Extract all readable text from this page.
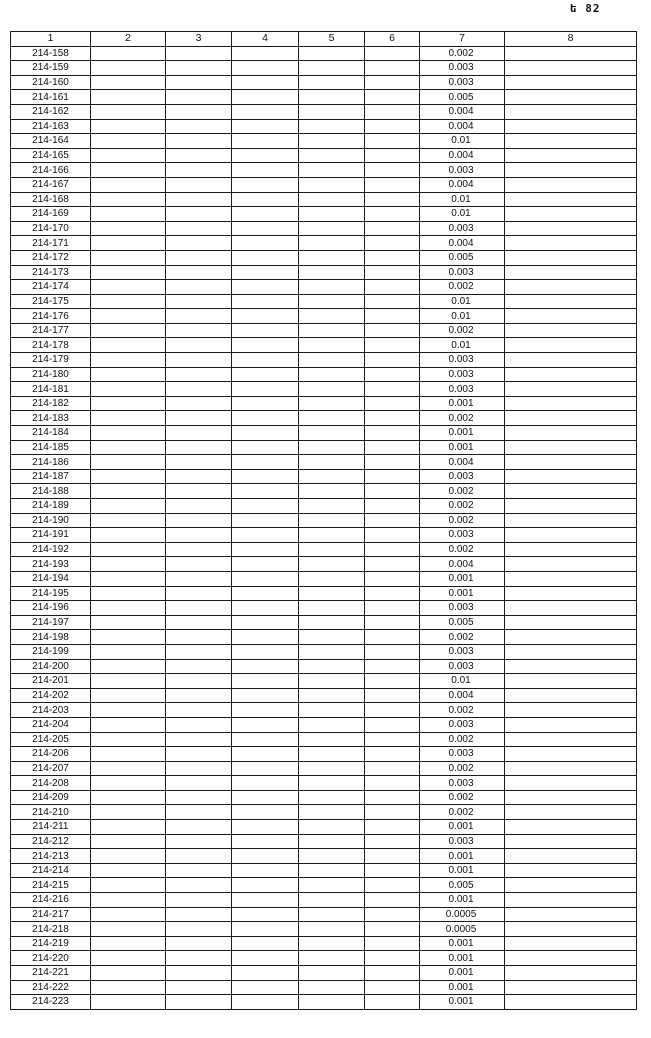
ե 82
1	2	3	4	5	6	7	8
214-158						0.002	
214-159						0.003	
214-160						0.003	
214-161						0.005	
214-162						0.004	
214-163						0.004	
214-164						0.01	
214-165						0.004	
214-166						0.003	
214-167						0.004	
214-168						0.01	
214-169						0.01	
214-170						0.003	
214-171						0.004	
214-172						0.005	
214-173						0.003	
214-174						0.002	
214-175						0.01	
214-176						0.01	
214-177						0.002	
214-178						0.01	
214-179						0.003	
214-180						0.003	
214-181						0.003	
214-182						0.001	
214-183						0.002	
214-184						0.001	
214-185						0.001	
214-186						0.004	
214-187						0.003	
214-188						0.002	
214-189						0.002	
214-190						0.002	
214-191						0.003	
214-192						0.002	
214-193						0.004	
214-194						0.001	
214-195						0.001	
214-196						0.003	
214-197						0.005	
214-198						0.002	
214-199						0.003	
214-200						0.003	
214-201						0.01	
214-202						0.004	
214-203						0.002	
214-204						0.003	
214-205						0.002	
214-206						0.003	
214-207						0.002	
214-208						0.003	
214-209						0.002	
214-210						0.002	
214-211						0.001	
214-212						0.003	
214-213						0.001	
214-214						0.001	
214-215						0.005	
214-216						0.001	
214-217						0.0005	
214-218						0.0005	
214-219						0.001	
214-220						0.001	
214-221						0.001	
214-222						0.001	
214-223						0.001	
